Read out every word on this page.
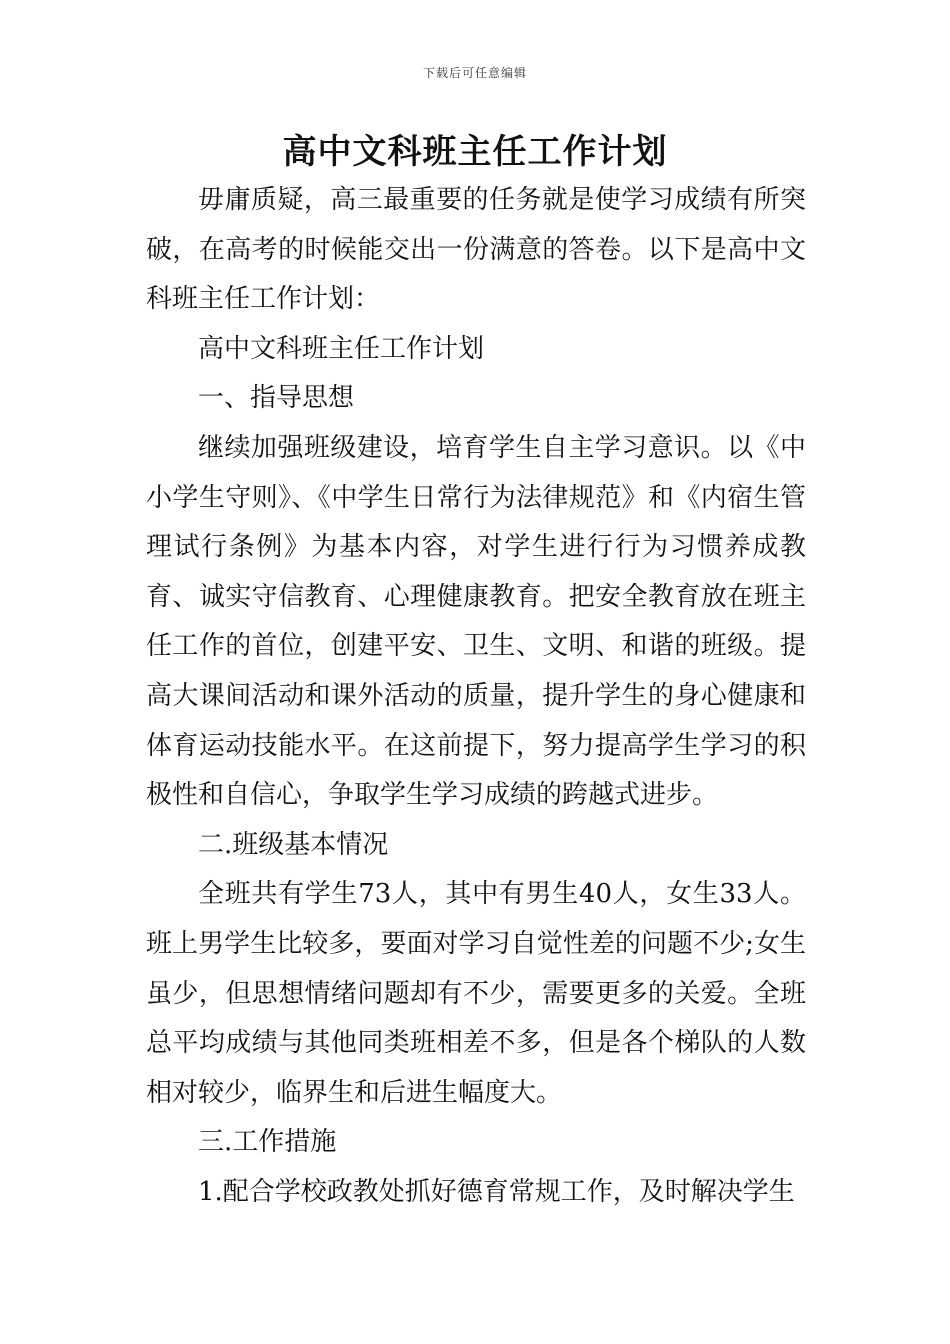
下载后可任意编辑
高中文科班主任工作计划

毋庸质疑，高三最重要的任务就是使学习成绩有所突破，在高考的时候能交出一份满意的答卷。以下是高中文科班主任工作计划：

高中文科班主任工作计划

一、指导思想

继续加强班级建设，培育学生自主学习意识。以《中小学生守则》、《中学生日常行为法律规范》和《内宿生管理试行条例》为基本内容，对学生进行行为习惯养成教育、诚实守信教育、心理健康教育。把安全教育放在班主任工作的首位，创建平安、卫生、文明、和谐的班级。提高大课间活动和课外活动的质量，提升学生的身心健康和体育运动技能水平。在这前提下，努力提高学生学习的积极性和自信心，争取学生学习成绩的跨越式进步。

二.班级基本情况

全班共有学生73人，其中有男生40人，女生33人。班上男学生比较多，要面对学习自觉性差的问题不少;女生虽少，但思想情绪问题却有不少，需要更多的关爱。全班总平均成绩与其他同类班相差不多，但是各个梯队的人数相对较少，临界生和后进生幅度大。

三.工作措施

1.配合学校政教处抓好德育常规工作，及时解决学生
